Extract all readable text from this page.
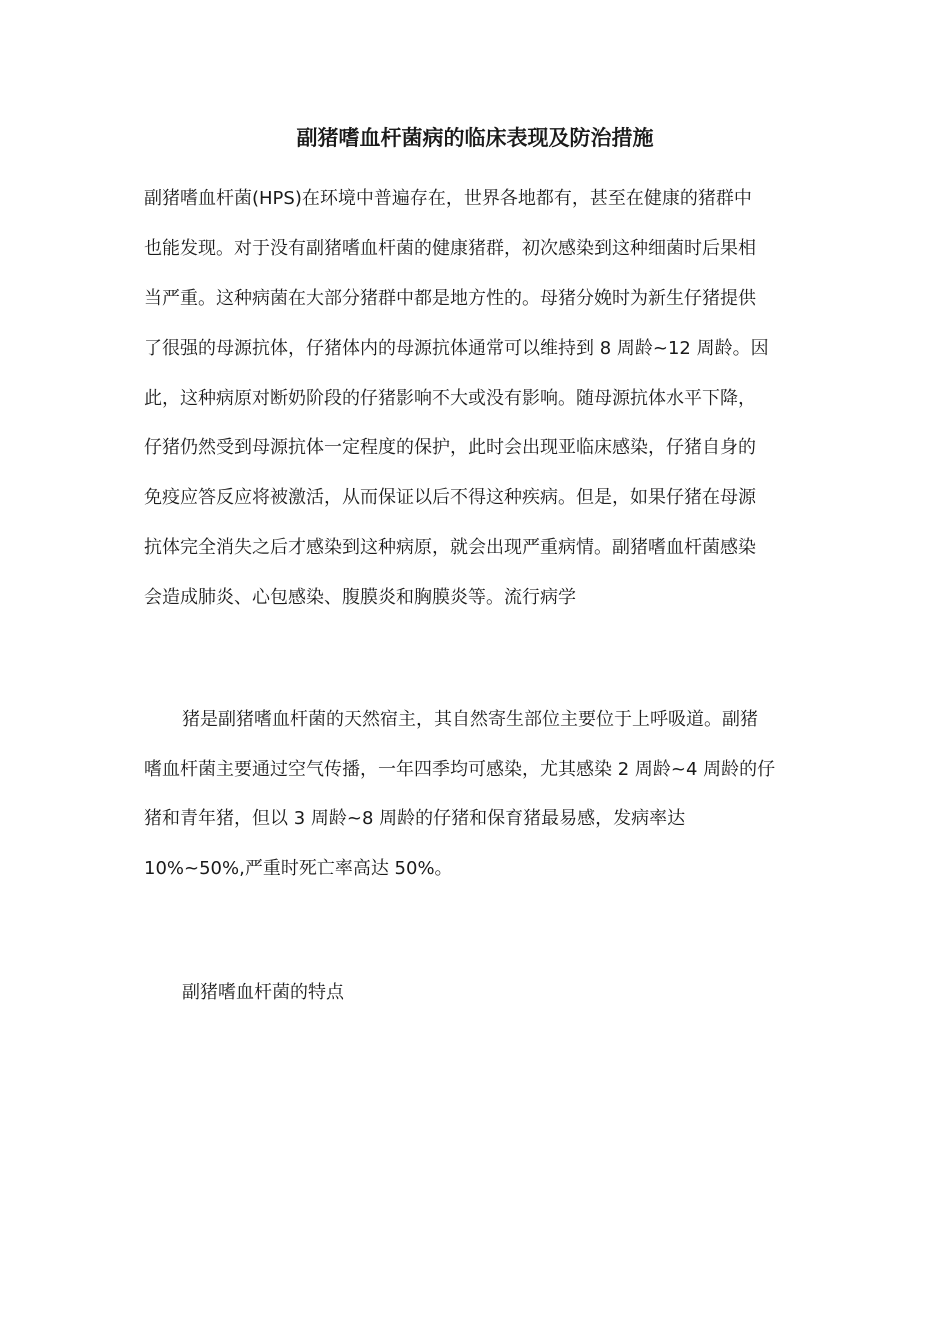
副猪嗜血杆菌病的临床表现及防治措施

副猪嗜血杆菌(HPS)在环境中普遍存在，世界各地都有，甚至在健康的猪群中

也能发现。对于没有副猪嗜血杆菌的健康猪群，初次感染到这种细菌时后果相

当严重。这种病菌在大部分猪群中都是地方性的。母猪分娩时为新生仔猪提供

了很强的母源抗体，仔猪体内的母源抗体通常可以维持到 8 周龄~12 周龄。因

此，这种病原对断奶阶段的仔猪影响不大或没有影响。随母源抗体水平下降，

仔猪仍然受到母源抗体一定程度的保护，此时会出现亚临床感染，仔猪自身的

免疫应答反应将被激活，从而保证以后不得这种疾病。但是，如果仔猪在母源

抗体完全消失之后才感染到这种病原，就会出现严重病情。副猪嗜血杆菌感染

会造成肺炎、心包感染、腹膜炎和胸膜炎等。流行病学

猪是副猪嗜血杆菌的天然宿主，其自然寄生部位主要位于上呼吸道。副猪

嗜血杆菌主要通过空气传播，一年四季均可感染，尤其感染 2 周龄~4 周龄的仔

猪和青年猪，但以 3 周龄~8 周龄的仔猪和保育猪最易感，发病率达

10%~50%,严重时死亡率高达 50%。

副猪嗜血杆菌的特点
